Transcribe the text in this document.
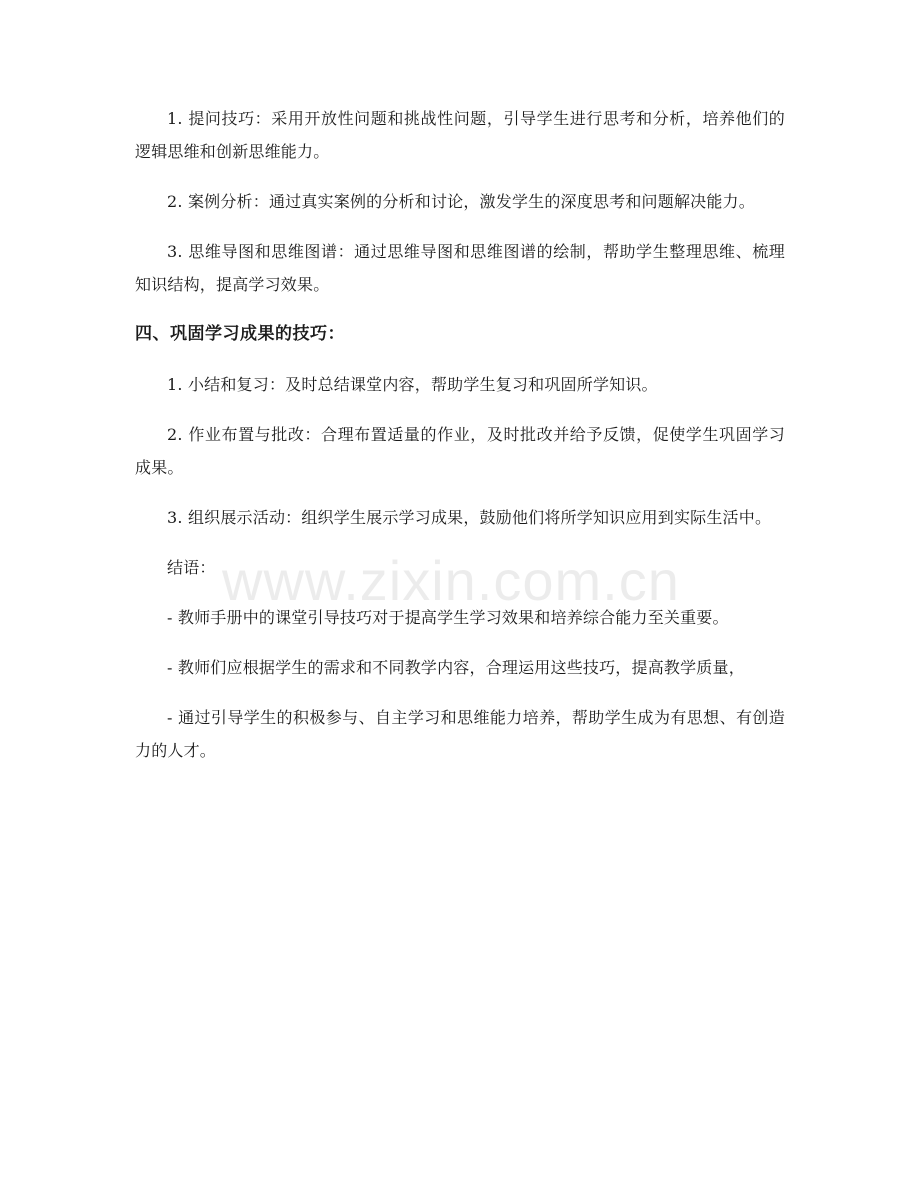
1. 提问技巧：采用开放性问题和挑战性问题，引导学生进行思考和分析，培养他们的逻辑思维和创新思维能力。

2. 案例分析：通过真实案例的分析和讨论，激发学生的深度思考和问题解决能力。

3. 思维导图和思维图谱：通过思维导图和思维图谱的绘制，帮助学生整理思维、梳理知识结构，提高学习效果。

四、巩固学习成果的技巧：

1. 小结和复习：及时总结课堂内容，帮助学生复习和巩固所学知识。

2. 作业布置与批改：合理布置适量的作业，及时批改并给予反馈，促使学生巩固学习成果。

3. 组织展示活动：组织学生展示学习成果，鼓励他们将所学知识应用到实际生活中。

结语：

- 教师手册中的课堂引导技巧对于提高学生学习效果和培养综合能力至关重要。

- 教师们应根据学生的需求和不同教学内容，合理运用这些技巧，提高教学质量，

- 通过引导学生的积极参与、自主学习和思维能力培养，帮助学生成为有思想、有创造力的人才。

www.zixin.com.cn
